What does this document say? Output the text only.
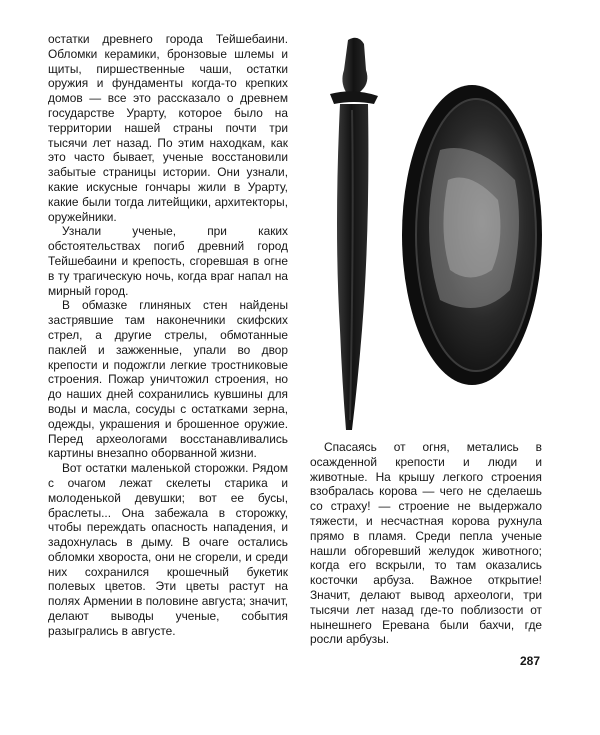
остатки древнего города Тейшебаини. Обломки керамики, бронзовые шлемы и щиты, пиршественные чаши, остатки оружия и фундаменты когда-то крепких домов — все это рассказало о древнем государстве Урарту, которое было на территории нашей страны почти три тысячи лет назад. По этим находкам, как это часто бывает, ученые восстановили забытые страницы истории. Они узнали, какие искусные гончары жили в Урарту, какие были тогда литейщики, архитекторы, оружейники.

Узнали ученые, при каких обстоятельствах погиб древний город Тейшебаини и крепость, сгоревшая в огне в ту трагическую ночь, когда враг напал на мирный город.

В обмазке глиняных стен найдены застрявшие там наконечники скифских стрел, а другие стрелы, обмотанные паклей и зажженные, упали во двор крепости и подожгли легкие тростниковые строения. Пожар уничтожил строения, но до наших дней сохранились кувшины для воды и масла, сосуды с остатками зерна, одежды, украшения и брошенное оружие. Перед археологами восстанавливались картины внезапно оборванной жизни.

Вот остатки маленькой сторожки. Рядом с очагом лежат скелеты старика и молоденькой девушки; вот ее бусы, браслеты... Она забежала в сторожку, чтобы переждать опасность нападения, и задохнулась в дыму. В очаге остались обломки хвороста, они не сгорели, и среди них сохранился крошечный букетик полевых цветов. Эти цветы растут на полях Армении в половине августа; значит, делают выводы ученые, события разыгрались в августе.

Спасаясь от огня, метались в осажденной крепости и люди и животные. На крышу легкого строения взобралась корова — чего не сделаешь со страху! — строение не выдержало тяжести, и несчастная корова рухнула прямо в пламя. Среди пепла ученые нашли обгоревший желудок животного; когда его вскрыли, то там оказались косточки арбуза. Важное открытие! Значит, делают вывод археологи, три тысячи лет назад где-то поблизости от нынешнего Еревана были бахчи, где росли арбузы.

287
